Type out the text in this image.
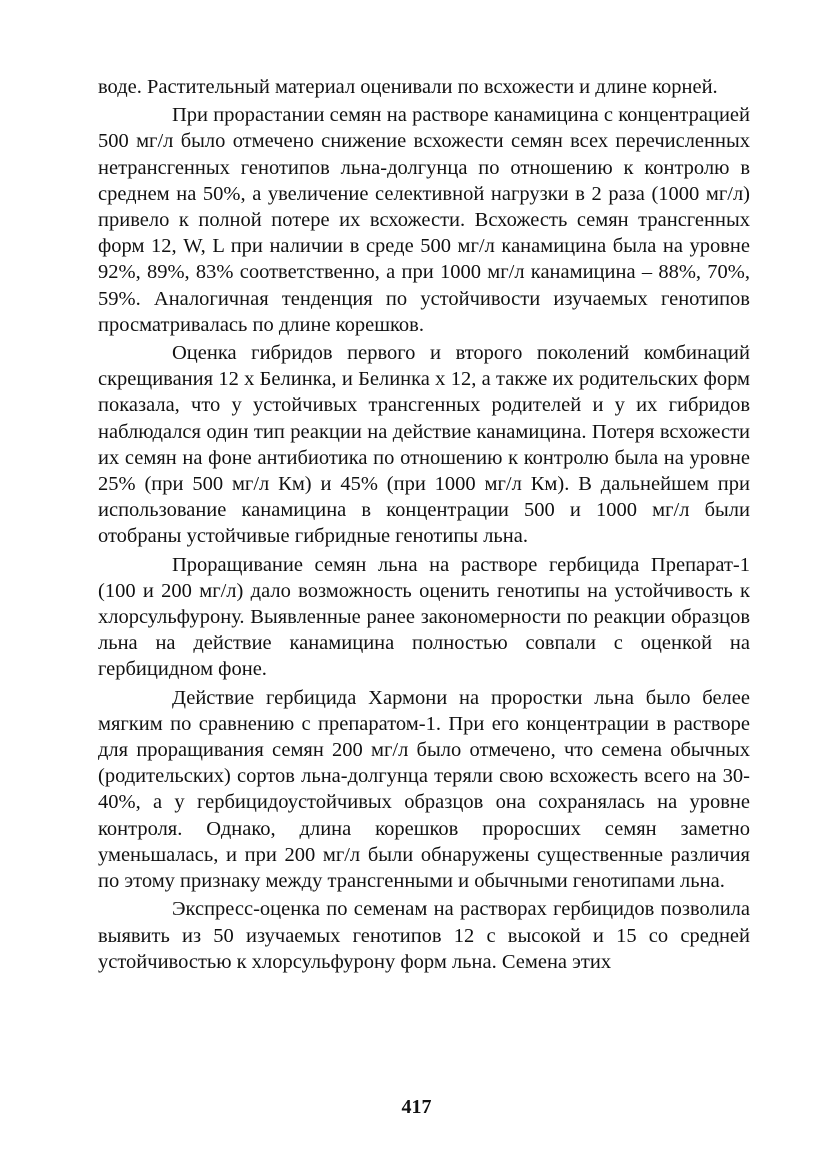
воде. Растительный материал оценивали по всхожести и длине корней.

При прорастании семян на растворе канамицина с концентрацией 500 мг/л было отмечено снижение всхожести семян всех перечисленных нетрансгенных генотипов льна-долгунца по отношению к контролю в среднем на 50%, а увеличение селективной нагрузки в 2 раза (1000 мг/л) привело к полной потере их всхожести. Всхожесть семян трансгенных форм 12, W, L при наличии в среде 500 мг/л канамицина была на уровне 92%, 89%, 83% соответственно, а при 1000 мг/л канамицина – 88%, 70%, 59%. Аналогичная тенденция по устойчивости изучаемых генотипов просматривалась по длине корешков.

Оценка гибридов первого и второго поколений комбинаций скрещивания 12 х Белинка, и Белинка х 12, а также их родительских форм показала, что у устойчивых трансгенных родителей и у их гибридов наблюдался один тип реакции на действие канамицина. Потеря всхожести их семян на фоне антибиотика по отношению к контролю была на уровне 25% (при 500 мг/л Км) и 45% (при 1000 мг/л Км). В дальнейшем при использование канамицина в концентрации 500 и 1000 мг/л были отобраны устойчивые гибридные генотипы льна.

Проращивание семян льна на растворе гербицида Препарат-1 (100 и 200 мг/л) дало возможность оценить генотипы на устойчивость к хлорсульфурону. Выявленные ранее закономерности по реакции образцов льна на действие канамицина полностью совпали с оценкой на гербицидном фоне.

Действие гербицида Хармони на проростки льна было белее мягким по сравнению с препаратом-1. При его концентрации в растворе для проращивания семян 200 мг/л было отмечено, что семена обычных (родительских) сортов льна-долгунца теряли свою всхожесть всего на 30-40%, а у гербицидоустойчивых образцов она сохранялась на уровне контроля. Однако, длина корешков проросших семян заметно уменьшалась, и при 200 мг/л были обнаружены существенные различия по этому признаку между трансгенными и обычными генотипами льна.

Экспресс-оценка по семенам на растворах гербицидов позволила выявить из 50 изучаемых генотипов 12 с высокой и 15 со средней устойчивостью к хлорсульфурону форм льна. Семена этих

417
